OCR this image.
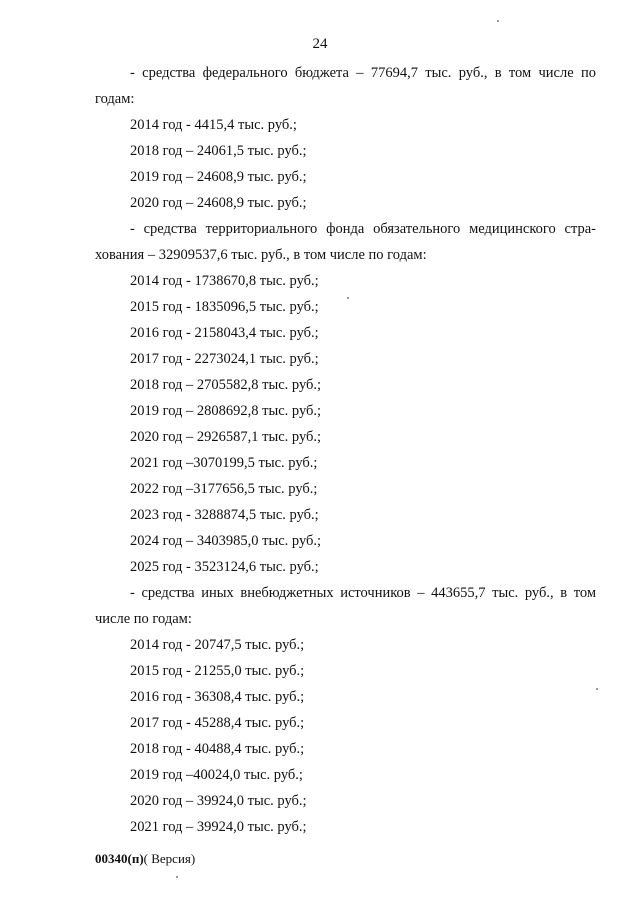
24
- средства федерального бюджета – 77694,7 тыс. руб., в том числе по
годам:
2014 год - 4415,4 тыс. руб.;
2018 год – 24061,5 тыс. руб.;
2019 год – 24608,9 тыс. руб.;
2020 год – 24608,9 тыс. руб.;
- средства территориального фонда обязательного медицинского стра-
хования – 32909537,6 тыс. руб., в том числе по годам:
2014 год - 1738670,8 тыс. руб.;
2015 год - 1835096,5 тыс. руб.;
2016 год - 2158043,4 тыс. руб.;
2017 год - 2273024,1 тыс. руб.;
2018 год – 2705582,8 тыс. руб.;
2019 год – 2808692,8 тыс. руб.;
2020 год – 2926587,1 тыс. руб.;
2021 год –3070199,5 тыс. руб.;
2022 год –3177656,5 тыс. руб.;
2023 год - 3288874,5 тыс. руб.;
2024 год – 3403985,0 тыс. руб.;
2025 год - 3523124,6 тыс. руб.;
- средства иных внебюджетных источников – 443655,7 тыс. руб., в том
числе по годам:
2014 год - 20747,5 тыс. руб.;
2015 год - 21255,0 тыс. руб.;
2016 год - 36308,4 тыс. руб.;
2017 год - 45288,4 тыс. руб.;
2018 год - 40488,4 тыс. руб.;
2019 год –40024,0 тыс. руб.;
2020 год – 39924,0 тыс. руб.;
2021 год – 39924,0 тыс. руб.;
00340(п)( Версия)
